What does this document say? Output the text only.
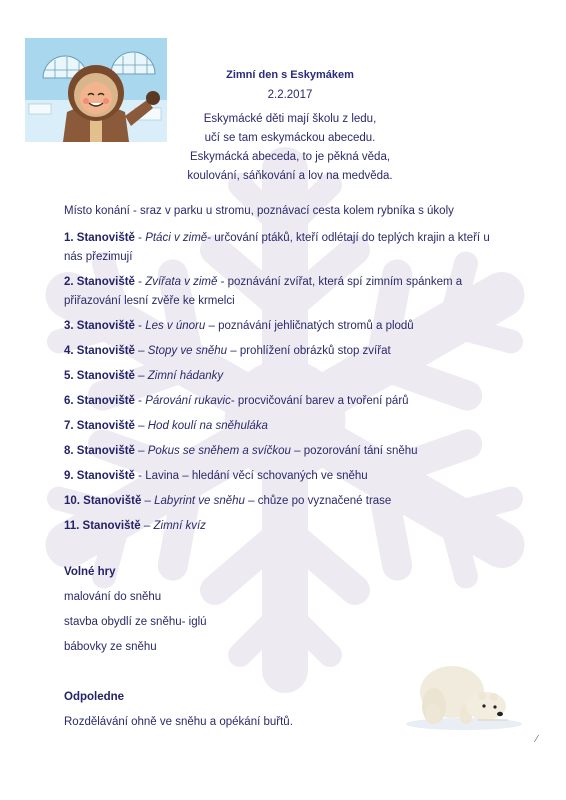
Zimní den s Eskymákem
2.2.2017
Eskymácké děti mají školu z ledu,
učí se tam eskymáckou abecedu.
Eskymácká abeceda, to je pěkná věda,
koulování, sáňkování a lov na medvěda.
Místo konání - sraz v parku u stromu, poznávací cesta kolem rybníka s úkoly
1. Stanoviště - Ptáci v zimě- určování ptáků, kteří odlétají do teplých krajin a kteří u nás přezimují
2. Stanoviště - Zvířata v zimě - poznávání zvířat, která spí zimním spánkem a přiřazování lesní zvěře ke krmelci
3. Stanoviště - Les v únoru – poznávání jehličnatých stromů a plodů
4. Stanoviště – Stopy ve sněhu – prohlížení obrázků stop zvířat
5. Stanoviště – Zimní hádanky
6. Stanoviště - Párování rukavic- procvičování barev a tvoření párů
7. Stanoviště – Hod koulí na sněhuláka
8. Stanoviště – Pokus se sněhem a svíčkou – pozorování tání sněhu
9. Stanoviště - Lavina – hledání věcí schovaných ve sněhu
10. Stanoviště – Labyrint ve sněhu – chůze po vyznačené trase
11. Stanoviště – Zimní kvíz
Volné hry
malování do sněhu
stavba obydlí ze sněhu- iglú
bábovky ze sněhu
Odpoledne
Rozdělávání ohně ve sněhu a opékání buřtů.
⁄
